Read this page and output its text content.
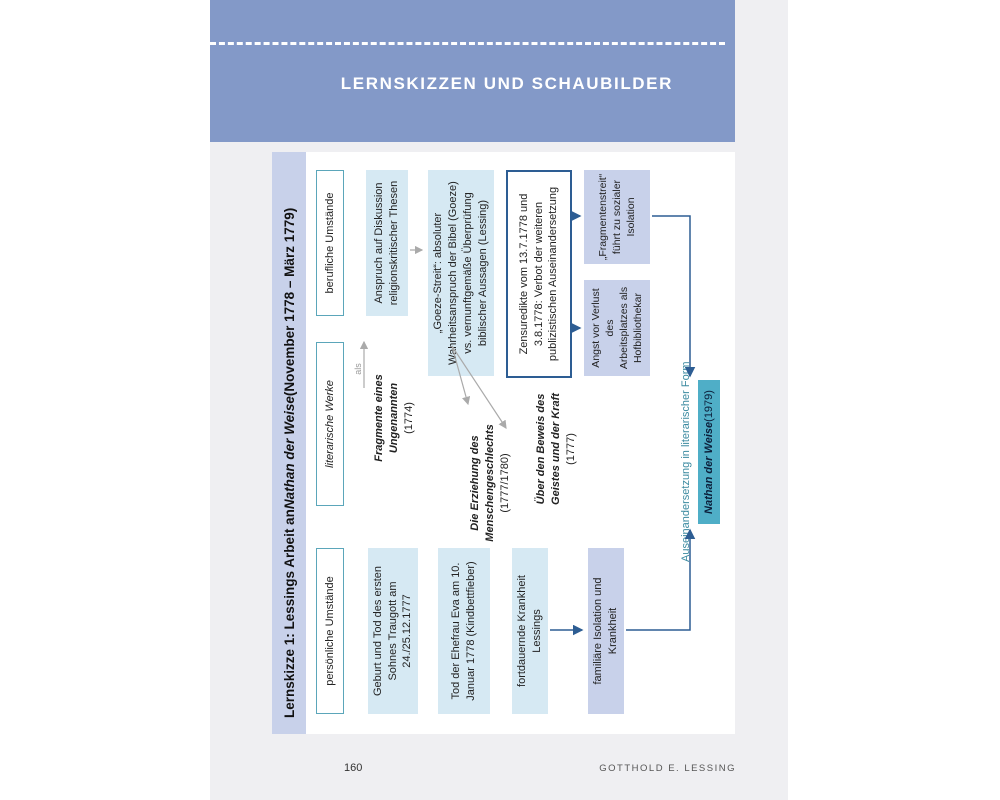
LERNSKIZZEN UND SCHAUBILDER
Lernskizze 1: Lessings Arbeit an
Nathan der Weise
(November 1778 – März 1779)
persönliche Umstände
literarische Werke
berufliche Umstände
Geburt und Tod des ersten Sohnes Traugott am 24./25.12.1777	Tod der Ehefrau Eva am 10. Januar 1778 (Kindbettfieber)	fortdauernde Krankheit Lessings	familiäre Isolation und Krankheit
Fragmente eines Ungenannten (1774)
Die Erziehung des Menschengeschlechts (1777/1780) Über den Beweis des Geistes und der Kraft (1777)
Anspruch auf Diskussion religionskritischer Thesen	„Goeze-Streit“: absoluter Wahrheitsanspruch der Bibel (Goeze) vs. vernunftgemäße Überprüfung biblischer Aussagen (Lessing)	Zensuredikte vom 13.7.1778 und 3.8.1778: Verbot der weiteren publizistischen Auseinandersetzung	„Fragmentenstreit“ führt zu sozialer Isolation
Angst vor Verlust des Arbeitsplatzes als Hofbibliothekar
Auseinandersetzung in literarischer Form Nathan der Weise
(1979)
als
160	GOTTHOLD E. LESSING
